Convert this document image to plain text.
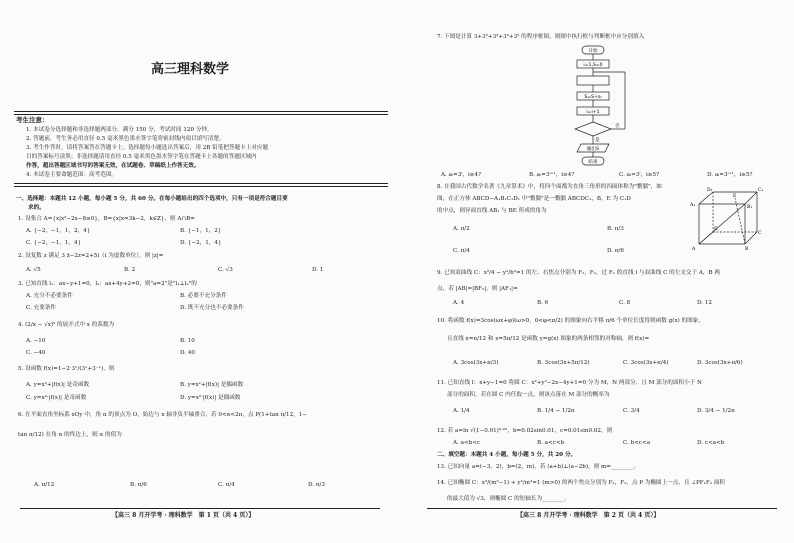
高三理科数学
考生注意：
1. 本试卷分选择题和非选择题两部分。满分 150 分，考试时间 120 分钟。
2. 答题前，考生务必用直径 0.5 毫米黑色墨水签字笔将密封线内项目填写清楚。
3. 考生作答时，请将答案答在答题卡上。选择题每小题选出答案后，用 2B 铅笔把答题卡上对应题
目的答案标号涂黑；非选择题请用直径 0.5 毫米黑色墨水签字笔在答题卡上各题的答题区域内
作答，超出答题区域书写的答案无效，在试题卷、草稿纸上作答无效。
4. 本试卷主要命题范围：高考范围。
一、选择题：本题共 12 小题，每小题 5 分，共 60 分。在每小题给出的四个选项中，只有一项是符合题目要
求的。
1. 设集合 A={x|x²−2x−8≤0}，B={x|x=3k−2，k∈Z}，则 A∩B=
A. {−2，−1，1，2，4}	B. {−1，1，2}
C. {−2，−1，1，4}	D. {−2，1，4}
2. 设复数 z 满足 3 z̄−2z=2+5i（i 为虚数单位），则 |z|=
A. √5	B. 2	C. √3	D. 1
3. 已知直线 l₁：ax−y+1=0，l₂：ax+4y+2=0，则"a=2"是"l₁⊥l₂"的
A. 充分不必要条件	B. 必要不充分条件
C. 充要条件	D. 既不充分也不必要条件
4. (2/x − √x)⁶ 的展开式中 x 的系数为
A. −10	B. 10
C. −40	D. 40
5. 设函数 f(x)=1−2·3ˣ/(3ˣ+3⁻ˣ)，则
A. y=x²+|f(x)| 是奇函数	B. y=x²+|f(x)| 是偶函数
C. y=x²·|f(x)| 是奇函数	D. y=x²·|f(x)| 是偶函数
6. 在平面直角坐标系 xOy 中，角 α 的顶点为 O，始边与 x 轴非负半轴重合，若 0<α<2π，点 P(1+tan π/12，1−
tan π/12) 在角 α 的终边上，则 α 的值为
A. π/12	B. π/6	C. π/4	D. π/3
【高三 8 月开学考 · 理科数学　第 1 页（共 4 页）】
7. 下图是计算 3+3²+3³+3⁴+3⁵ 的程序框图，则图中执行框与判断框中应分别填入
开始
i=1,S=0
S=S+aᵢ
i=i+1
否
是
输出S
结束
A. aᵢ=3ⁱ，i≥4?	B. aᵢ=3ⁱ⁺¹，i≥4?	C. aᵢ=3ⁱ，i≥5?	D. aᵢ=3ⁱ⁺¹，i≥5?
8. 在我国古代数学名著《九章算术》中，将四个面都为直角三角形的四面体称为"鳖臑"，如
图，在正方体 ABCD−A₁B₁C₁D₁ 中"鳖臑"是一鳖臑 ABCDC₁，B，E 为 C₁D
的中点，则异面直线 AB₁ 与 BE 所成的角为
A. π/2	B. π/3
C. π/4	D. π/6
D₁	C₁
A₁	B₁
D
C
A	B
E
9. 已知双曲线 C：x²/4 − y²/b²=1 的左、右焦点分别为 F₁，F₂，过 F₁ 的直线 l 与双曲线 C 的左支交于 A，B 两
点，若 |AB|=|BF₂|，则 |AF₁|=
A. 4	B. 6	C. 8	D. 12
10. 将函数 f(x)=3cos(ωx+φ)(ω>0，0<φ<π/2) 的图象向右平移 π/6 个单位长度得到函数 g(x) 的图象，
且直线 x=π/12 和 x=5π/12 是函数 y=g(x) 图象的两条相邻的对称轴，则 f(x)=
A. 3cos(3x+π/3)	B. 3cos(3x+5π/12)	C. 3cos(3x+π/4)	D. 3cos(3x+π/6)
11. 已知直线 l：x+y−1=0 将圆 C：x²+y²−2x−4y+1=0 分为 M，N 两部分，且 M 部分的面积小于 N
部分的面积，若在圆 C 内任取一点，则该点落在 M 部分的概率为
A. 1/4	B. 1/4 − 1/2π	C. 3/4	D. 3/4 − 1/2π
12. 若 a=ln √(1−0.01)⁰·⁰²，b=0.02sin0.01，c=0.01sin0.02，则
A. a<b<c	B. a<c<b	C. b<c<a	D. c<a<b
二、填空题：本题共 4 小题，每小题 5 分，共 20 分。
13. 已知向量 a=(−3，2)，b=(2，m)，若 (a+b)⊥(a−2b)，则 m=________。
14. 已知椭圆 C：x²/(m²−1) + y²/m²=1 (m>0) 的两个焦点分别为 F₁，F₂，点 P 为椭圆上一点，且 ∠PF₁F₂ 面积
的最大值为 √3，则椭圆 C 的短轴长为________。
【高三 8 月开学考 · 理科数学　第 2 页（共 4 页）】
